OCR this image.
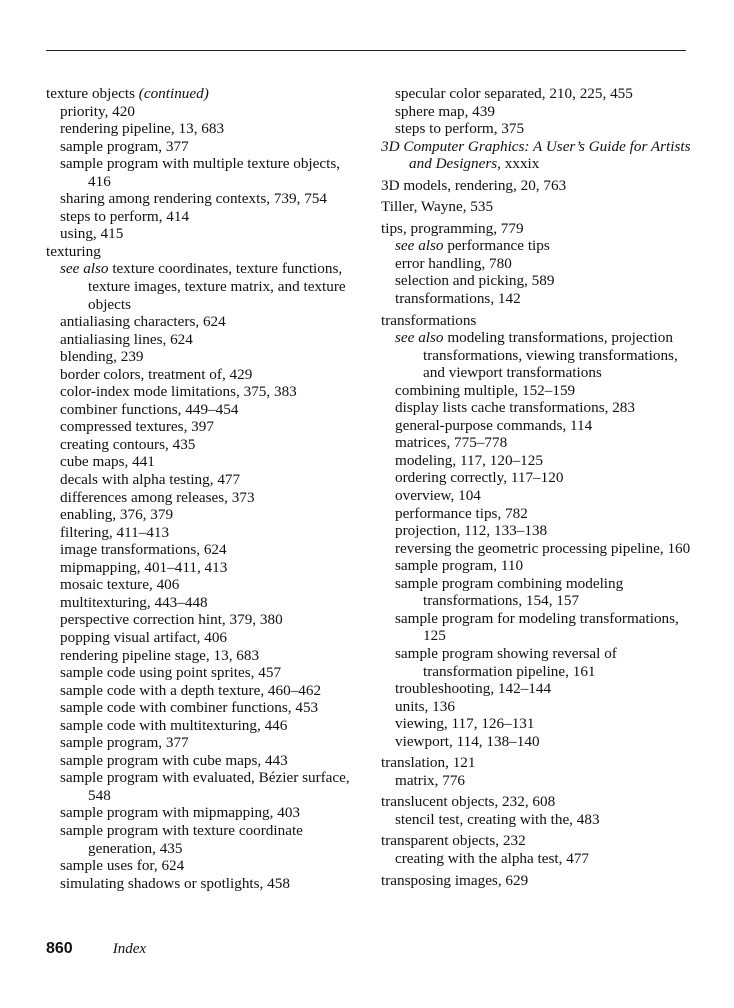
texture objects (continued)
priority, 420
rendering pipeline, 13, 683
sample program, 377
sample program with multiple texture objects, 416
sharing among rendering contexts, 739, 754
steps to perform, 414
using, 415
texturing
see also texture coordinates, texture functions, texture images, texture matrix, and texture objects
antialiasing characters, 624
antialiasing lines, 624
blending, 239
border colors, treatment of, 429
color-index mode limitations, 375, 383
combiner functions, 449–454
compressed textures, 397
creating contours, 435
cube maps, 441
decals with alpha testing, 477
differences among releases, 373
enabling, 376, 379
filtering, 411–413
image transformations, 624
mipmapping, 401–411, 413
mosaic texture, 406
multitexturing, 443–448
perspective correction hint, 379, 380
popping visual artifact, 406
rendering pipeline stage, 13, 683
sample code using point sprites, 457
sample code with a depth texture, 460–462
sample code with combiner functions, 453
sample code with multitexturing, 446
sample program, 377
sample program with cube maps, 443
sample program with evaluated, Bézier surface, 548
sample program with mipmapping, 403
sample program with texture coordinate generation, 435
sample uses for, 624
simulating shadows or spotlights, 458
specular color separated, 210, 225, 455
sphere map, 439
steps to perform, 375
3D Computer Graphics: A User’s Guide for Artists and Designers, xxxix
3D models, rendering, 20, 763
Tiller, Wayne, 535
tips, programming, 779
see also performance tips
error handling, 780
selection and picking, 589
transformations, 142
transformations
see also modeling transformations, projection transformations, viewing transformations, and viewport transformations
combining multiple, 152–159
display lists cache transformations, 283
general-purpose commands, 114
matrices, 775–778
modeling, 117, 120–125
ordering correctly, 117–120
overview, 104
performance tips, 782
projection, 112, 133–138
reversing the geometric processing pipeline, 160
sample program, 110
sample program combining modeling transformations, 154, 157
sample program for modeling transformations, 125
sample program showing reversal of transformation pipeline, 161
troubleshooting, 142–144
units, 136
viewing, 117, 126–131
viewport, 114, 138–140
translation, 121
matrix, 776
translucent objects, 232, 608
stencil test, creating with the, 483
transparent objects, 232
creating with the alpha test, 477
transposing images, 629
860	Index
